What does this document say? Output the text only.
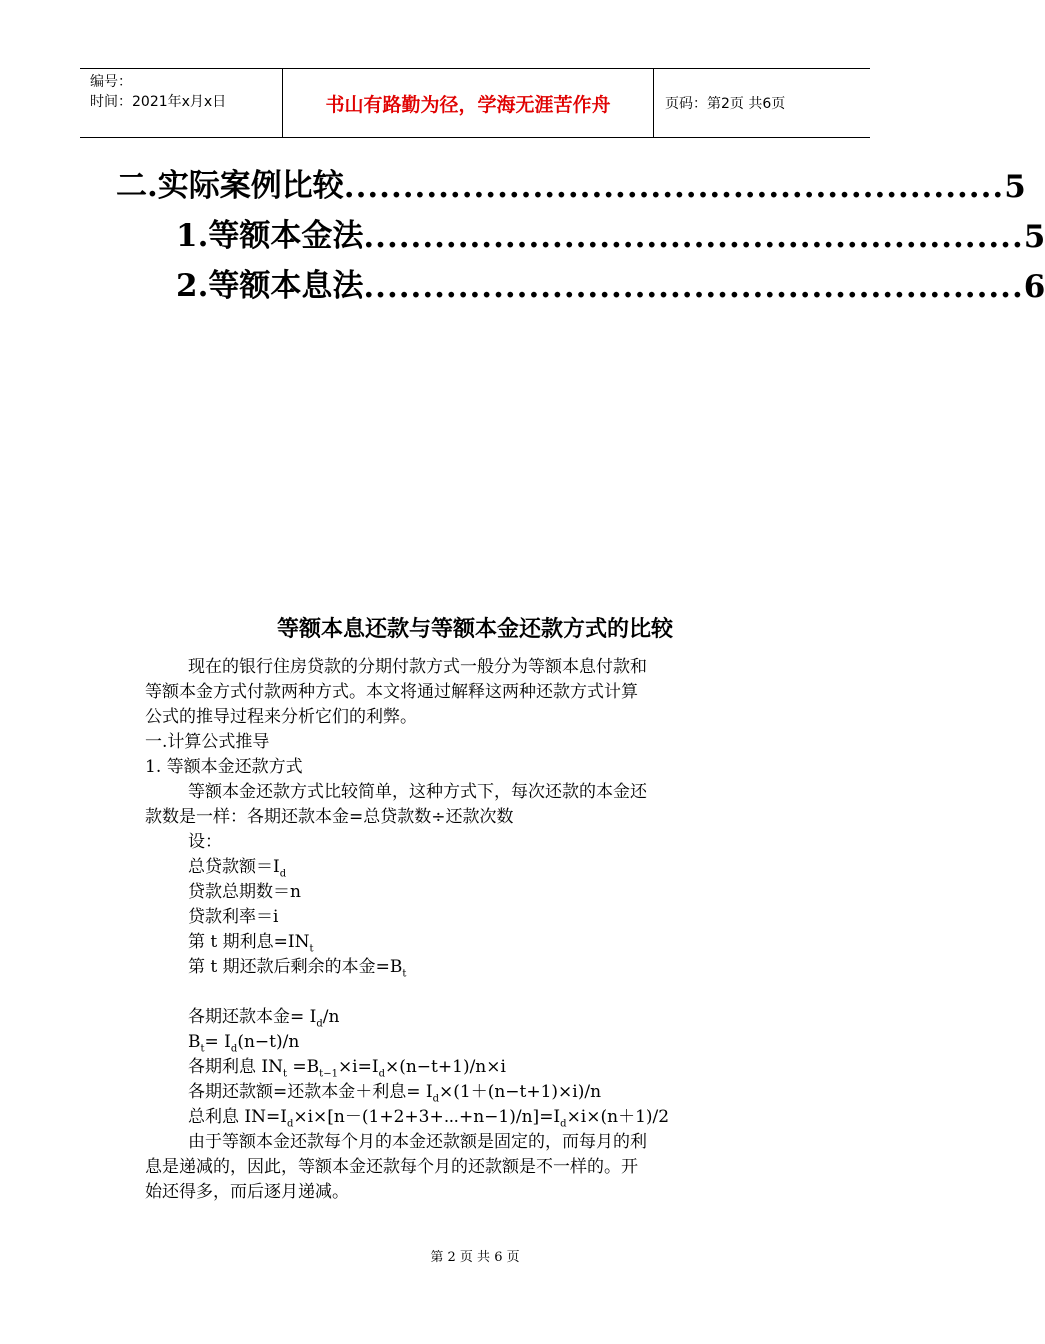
编号：
时间：2021年x月x日	书山有路勤为径，学海无涯苦作舟	页码：第2页 共6页
二.实际案例比较 ........................................................ 5
1.等额本金法 ........................................................ 5
2.等额本息法 ........................................................ 6
等额本息还款与等额本金还款方式的比较
现在的银行住房贷款的分期付款方式一般分为等额本息付款和
等额本金方式付款两种方式。本文将通过解释这两种还款方式计算
公式的推导过程来分析它们的利弊。
一.计算公式推导
1. 等额本金还款方式
等额本金还款方式比较简单，这种方式下，每次还款的本金还
款数是一样：各期还款本金=总贷款数÷还款次数
设：
总贷款额$=I_d$
贷款总期数＝n
贷款利率＝i
第 t 期利息$=IN_t$
第 t 期还款后剩余的本金$=B_t$
各期还款本金= $I_d/n$
$B_t= I_d(n-t)/n$
各期利息 $IN_t =B_{t-1}\times i=I_d\times(n-t+1)/n\times i$
各期还款额=还款本金＋利息= $I_d\times(1+(n-t+1)\times i)/n$
总利息 $IN=I_d\times i\times[n-(1+2+3+\cdots+n-1)/n]=I_d\times i\times(n+1)/2$
由于等额本金还款每个月的本金还款额是固定的，而每月的利
息是递减的，因此，等额本金还款每个月的还款额是不一样的。开
始还得多，而后逐月递减。
第 2 页 共 6 页
